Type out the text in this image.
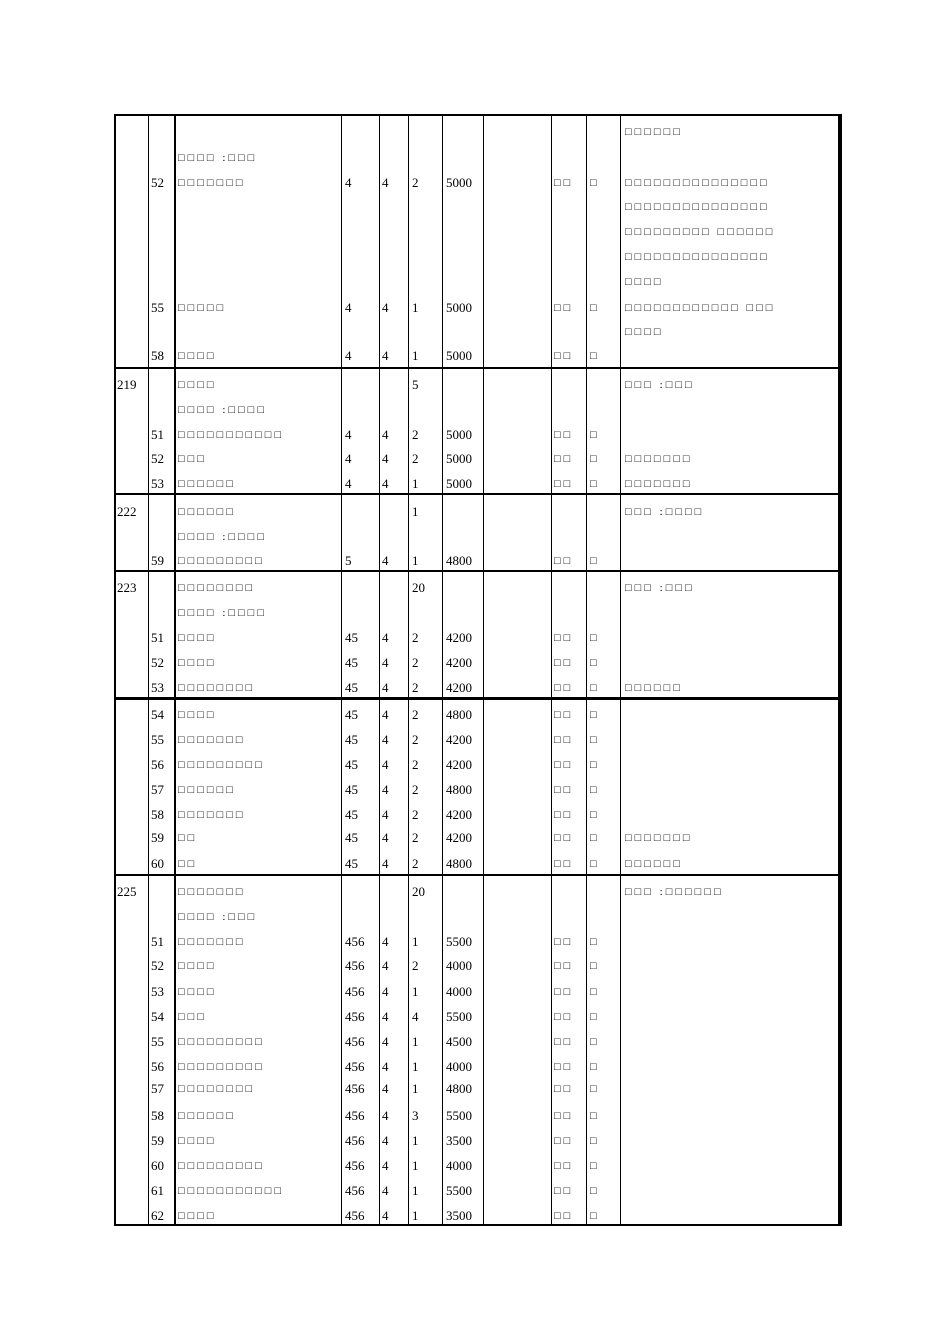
□□□□□□
□□□□ :□□□
52 □□□□□□□	4 4 2 5000	□□ □ □□□□□□□□□□□□□□□
□□□□□□□□□□□□□□□
□□□□□□□□□ □□□□□□
□□□□□□□□□□□□□□□
□□□□
55 □□□□□	4 4 1 5000	□□ □ □□□□□□□□□□□□ □□□
□□□□
58 □□□□	4 4 1 5000	□□ □
219	□□□□	5	□□□ :□□□
□□□□ :□□□□
51 □□□□□□□□□□□	4 4 2 5000	□□ □
52 □□□	4 4 2 5000	□□ □ □□□□□□□
53 □□□□□□	4 4 1 5000	□□ □ □□□□□□□
222	□□□□□□	1	□□□ :□□□□
□□□□ :□□□□
59 □□□□□□□□□	5 4 1 4800	□□ □
223	□□□□□□□□	20	□□□ :□□□
□□□□ :□□□□
51 □□□□	45 4 2 4200	□□ □
52 □□□□	45 4 2 4200	□□ □
53 □□□□□□□□	45 4 2 4200	□□ □ □□□□□□
54 □□□□	45 4 2 4800	□□ □
55 □□□□□□□	45 4 2 4200	□□ □
56 □□□□□□□□□	45 4 2 4200	□□ □
57 □□□□□□	45 4 2 4800	□□ □
58 □□□□□□□	45 4 2 4200	□□ □
59 □□	45 4 2 4200	□□ □ □□□□□□□
60 □□	45 4 2 4800	□□ □ □□□□□□
225	□□□□□□□	20	□□□ :□□□□□□
□□□□ :□□□
51 □□□□□□□	456 4 1 5500	□□ □
52 □□□□	456 4 2 4000	□□ □
53 □□□□	456 4 1 4000	□□ □
54 □□□	456 4 4 5500	□□ □
55 □□□□□□□□□	456 4 1 4500	□□ □
56 □□□□□□□□□	456 4 1 4000	□□ □
57 □□□□□□□□	456 4 1 4800	□□ □
58 □□□□□□	456 4 3 5500	□□ □
59 □□□□	456 4 1 3500	□□ □
60 □□□□□□□□□	456 4 1 4000	□□ □
61 □□□□□□□□□□□	456 4 1 5500	□□ □
62 □□□□	456 4 1 3500	□□ □
